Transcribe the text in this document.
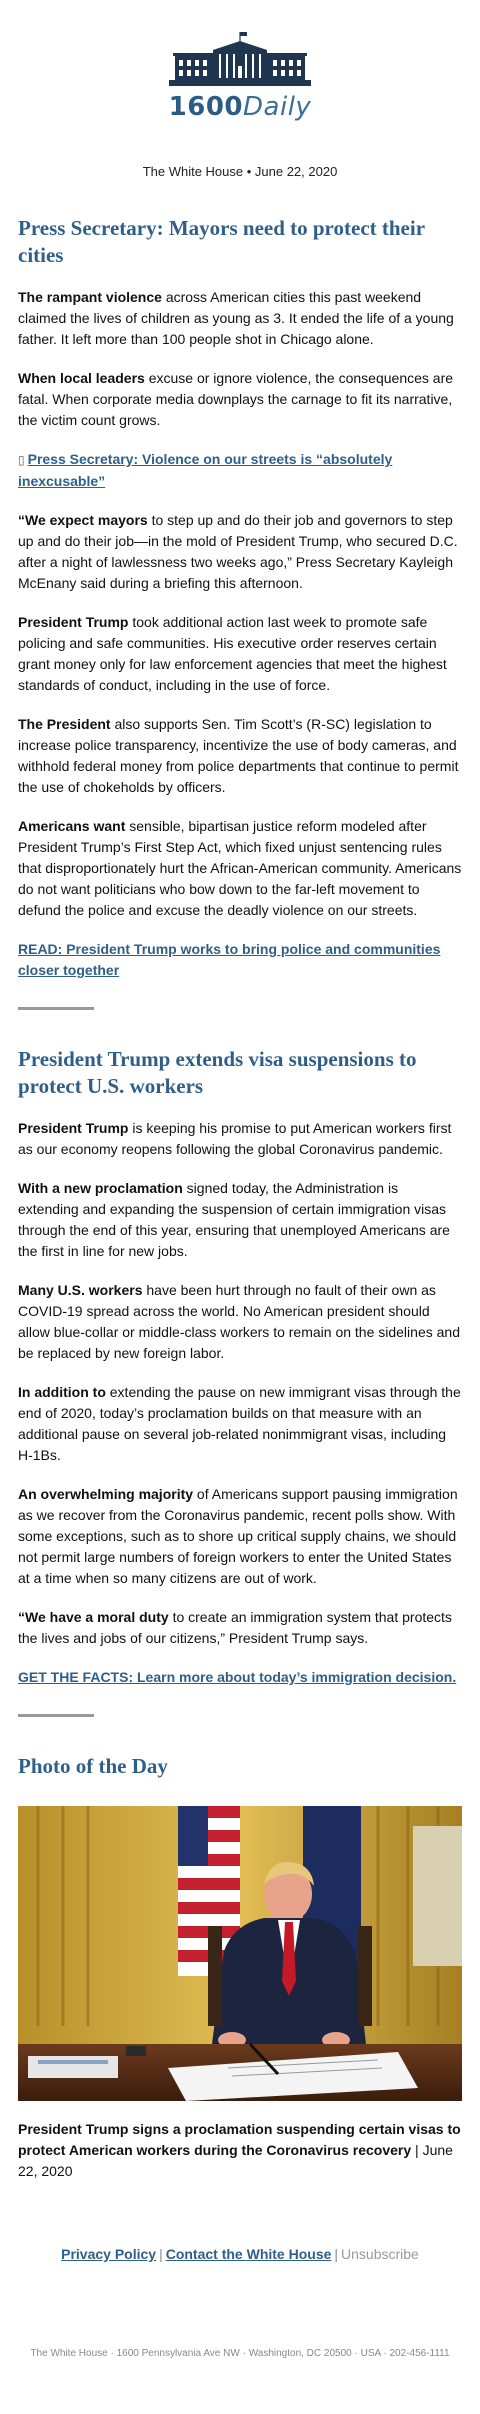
1600Daily
The White House • June 22, 2020
Press Secretary: Mayors need to protect their cities

The rampant violence across American cities this past weekend claimed the lives of children as young as 3. It ended the life of a young father. It left more than 100 people shot in Chicago alone.

When local leaders excuse or ignore violence, the consequences are fatal. When corporate media downplays the carnage to fit its narrative, the victim count grows.

▯ Press Secretary: Violence on our streets is “absolutely inexcusable”

“We expect mayors to step up and do their job and governors to step up and do their job—in the mold of President Trump, who secured D.C. after a night of lawlessness two weeks ago,” Press Secretary Kayleigh McEnany said during a briefing this afternoon.

President Trump took additional action last week to promote safe policing and safe communities. His executive order reserves certain grant money only for law enforcement agencies that meet the highest standards of conduct, including in the use of force.

The President also supports Sen. Tim Scott’s (R-SC) legislation to increase police transparency, incentivize the use of body cameras, and withhold federal money from police departments that continue to permit the use of chokeholds by officers.

Americans want sensible, bipartisan justice reform modeled after President Trump’s First Step Act, which fixed unjust sentencing rules that disproportionately hurt the African-American community. Americans do not want politicians who bow down to the far-left movement to defund the police and excuse the deadly violence on our streets.

READ: President Trump works to bring police and communities closer together
President Trump extends visa suspensions to protect U.S. workers

President Trump is keeping his promise to put American workers first as our economy reopens following the global Coronavirus pandemic.

With a new proclamation signed today, the Administration is extending and expanding the suspension of certain immigration visas through the end of this year, ensuring that unemployed Americans are the first in line for new jobs.

Many U.S. workers have been hurt through no fault of their own as COVID-19 spread across the world. No American president should allow blue-collar or middle-class workers to remain on the sidelines and be replaced by new foreign labor.

In addition to extending the pause on new immigrant visas through the end of 2020, today’s proclamation builds on that measure with an additional pause on several job-related nonimmigrant visas, including H-1Bs.

An overwhelming majority of Americans support pausing immigration as we recover from the Coronavirus pandemic, recent polls show. With some exceptions, such as to shore up critical supply chains, we should not permit large numbers of foreign workers to enter the United States at a time when so many citizens are out of work.

“We have a moral duty to create an immigration system that protects the lives and jobs of our citizens,” President Trump says.

GET THE FACTS: Learn more about today’s immigration decision.
Photo of the Day
President Trump signs a proclamation suspending certain visas to protect American workers during the Coronavirus recovery | June 22, 2020
Privacy Policy | Contact the White House | Unsubscribe
The White House · 1600 Pennsylvania Ave NW · Washington, DC 20500 · USA · 202-456-1111
